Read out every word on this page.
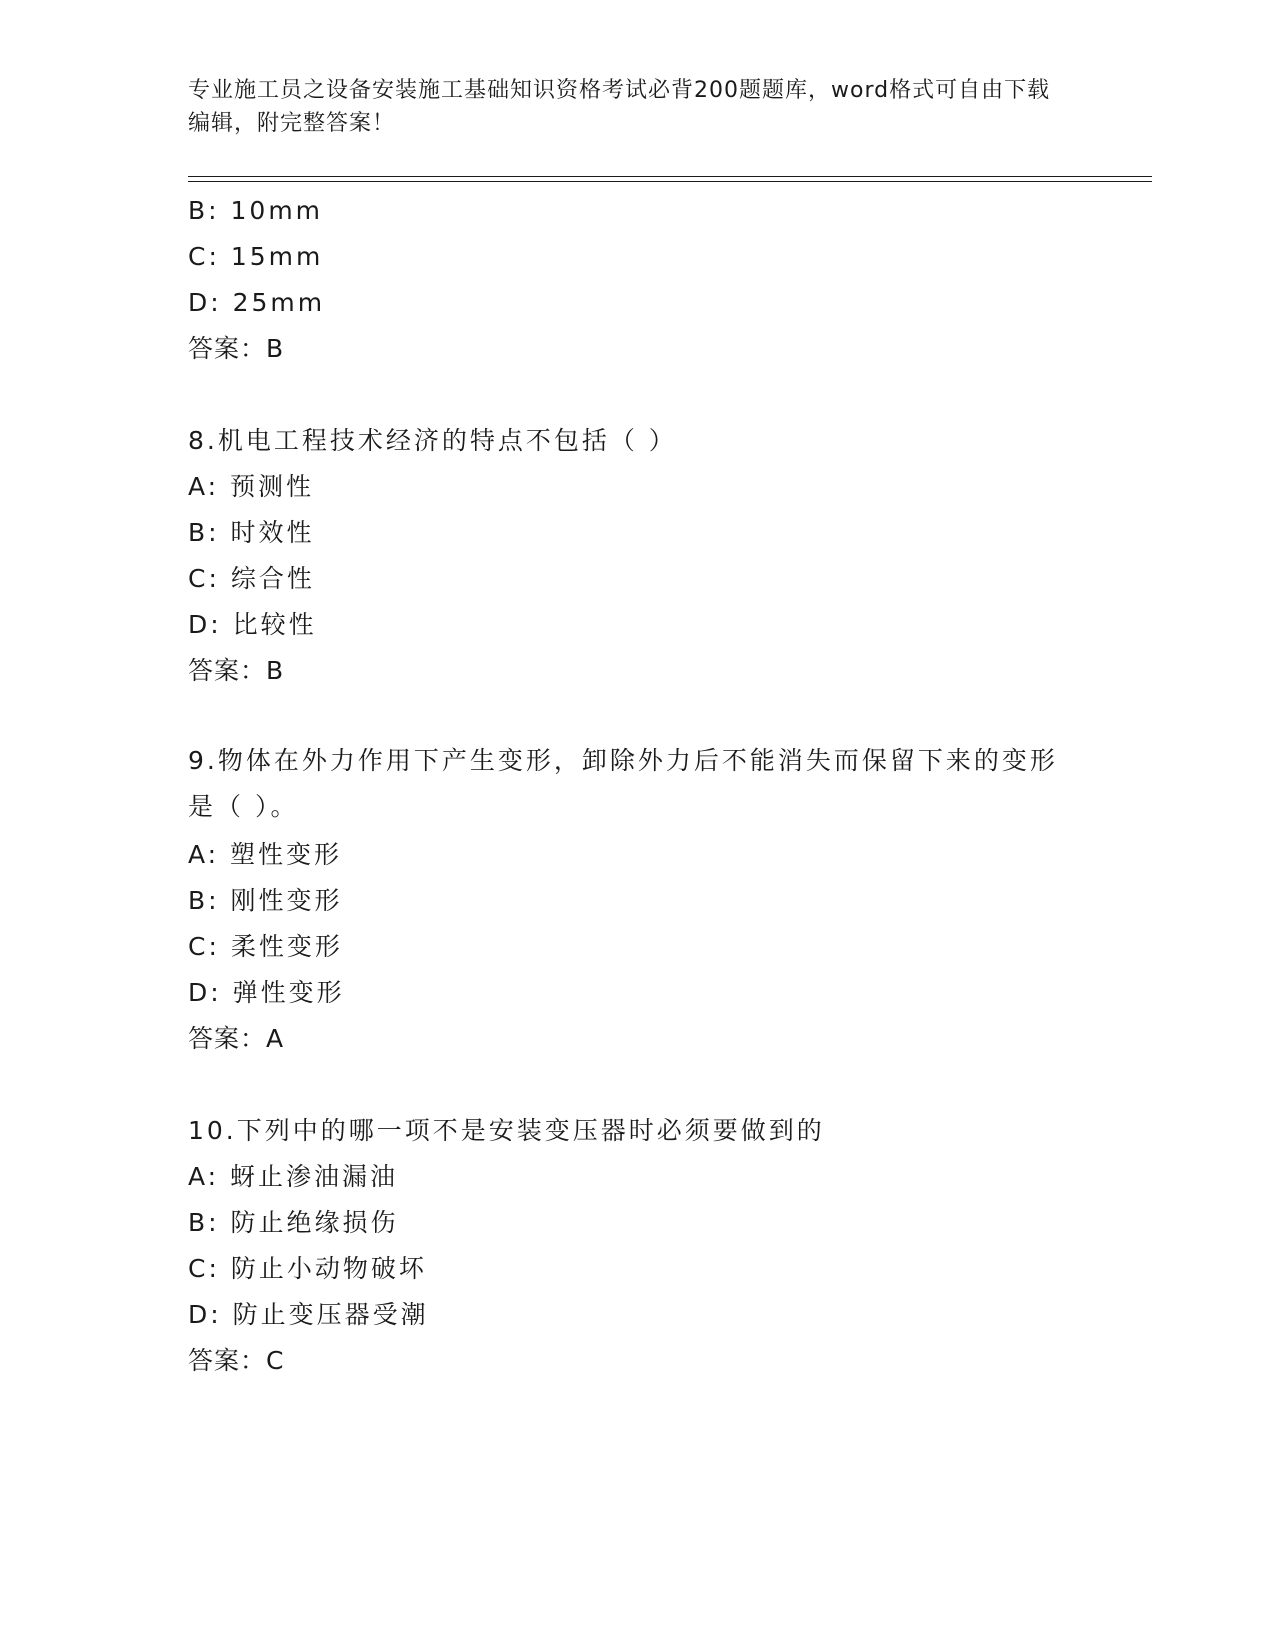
专业施工员之设备安装施工基础知识资格考试必背200题题库，word格式可自由下载编辑，附完整答案！
B: 10mm
C: 15mm
D: 25mm
答案：B
8.机电工程技术经济的特点不包括（ ）
A: 预测性
B: 时效性
C: 综合性
D: 比较性
答案：B
9.物体在外力作用下产生变形，卸除外力后不能消失而保留下来的变形是（ ）。
A: 塑性变形
B: 刚性变形
C: 柔性变形
D: 弹性变形
答案：A
10.下列中的哪一项不是安装变压器时必须要做到的
A: 蚜止渗油漏油
B: 防止绝缘损伤
C: 防止小动物破坏
D: 防止变压器受潮
答案：C
